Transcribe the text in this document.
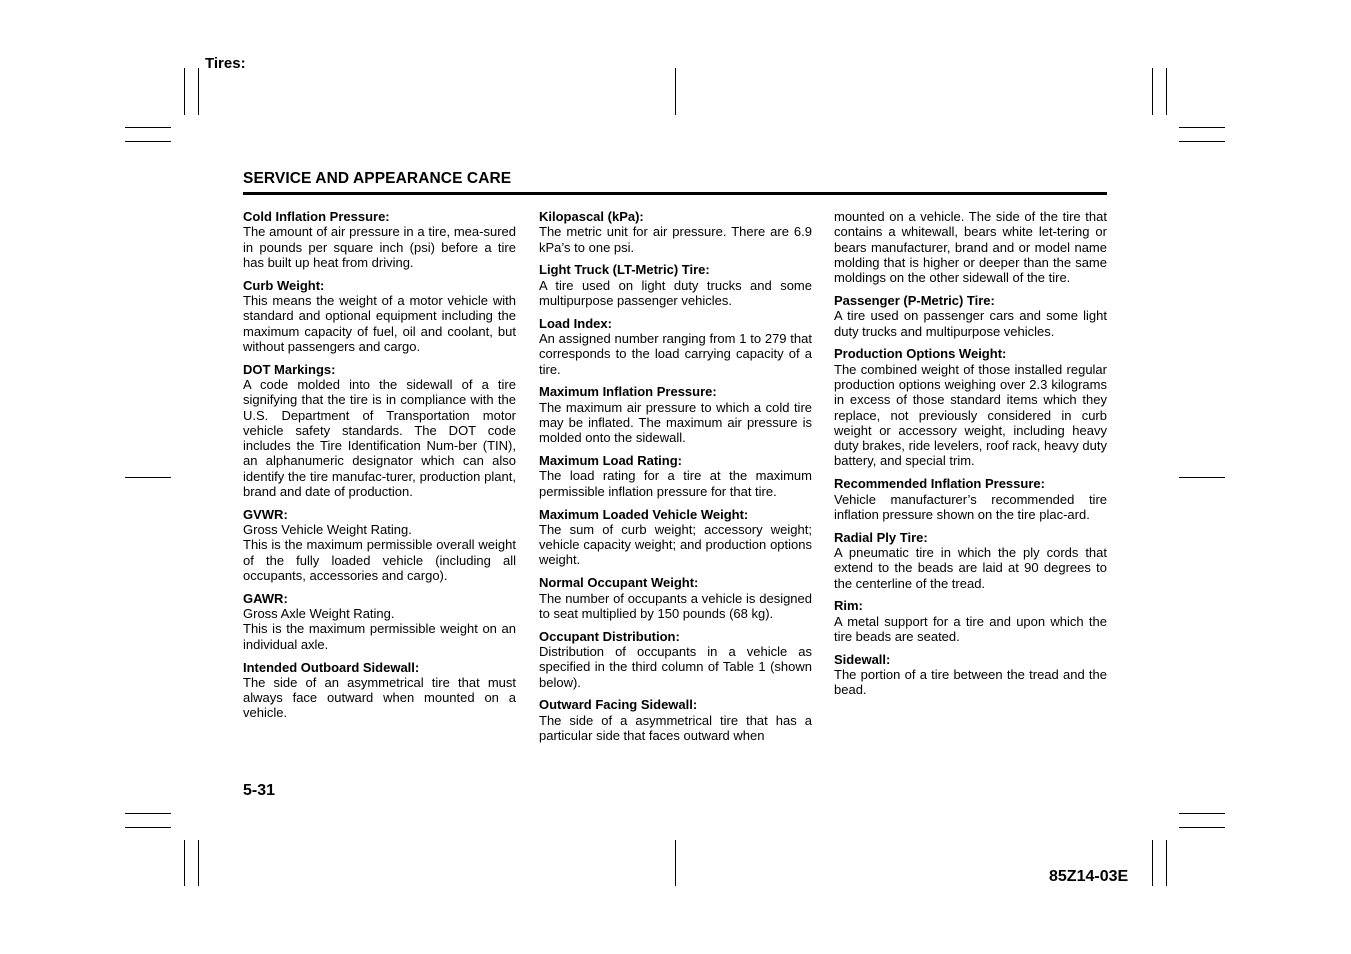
Tires:
SERVICE AND APPEARANCE CARE
Cold Inflation Pressure:
The amount of air pressure in a tire, mea-sured in pounds per square inch (psi) before a tire has built up heat from driving.
Curb Weight:
This means the weight of a motor vehicle with standard and optional equipment including the maximum capacity of fuel, oil and coolant, but without passengers and cargo.
DOT Markings:
A code molded into the sidewall of a tire signifying that the tire is in compliance with the U.S. Department of Transportation motor vehicle safety standards. The DOT code includes the Tire Identification Num-ber (TIN), an alphanumeric designator which can also identify the tire manufac-turer, production plant, brand and date of production.
GVWR:
Gross Vehicle Weight Rating.
This is the maximum permissible overall weight of the fully loaded vehicle (including all occupants, accessories and cargo).
GAWR:
Gross Axle Weight Rating.
This is the maximum permissible weight on an individual axle.
Intended Outboard Sidewall:
The side of an asymmetrical tire that must always face outward when mounted on a vehicle.
Kilopascal (kPa):
The metric unit for air pressure. There are 6.9 kPa’s to one psi.
Light Truck (LT-Metric) Tire:
A tire used on light duty trucks and some multipurpose passenger vehicles.
Load Index:
An assigned number ranging from 1 to 279 that corresponds to the load carrying capacity of a tire.
Maximum Inflation Pressure:
The maximum air pressure to which a cold tire may be inflated. The maximum air pressure is molded onto the sidewall.
Maximum Load Rating:
The load rating for a tire at the maximum permissible inflation pressure for that tire.
Maximum Loaded Vehicle Weight:
The sum of curb weight; accessory weight; vehicle capacity weight; and production options weight.
Normal Occupant Weight:
The number of occupants a vehicle is designed to seat multiplied by 150 pounds (68 kg).
Occupant Distribution:
Distribution of occupants in a vehicle as specified in the third column of Table 1 (shown below).
Outward Facing Sidewall:
The side of a asymmetrical tire that has a particular side that faces outward when
mounted on a vehicle. The side of the tire that contains a whitewall, bears white let-tering or bears manufacturer, brand and or model name molding that is higher or deeper than the same moldings on the other sidewall of the tire.
Passenger (P-Metric) Tire:
A tire used on passenger cars and some light duty trucks and multipurpose vehicles.
Production Options Weight:
The combined weight of those installed regular production options weighing over 2.3 kilograms in excess of those standard items which they replace, not previously considered in curb weight or accessory weight, including heavy duty brakes, ride levelers, roof rack, heavy duty battery, and special trim.
Recommended Inflation Pressure:
Vehicle manufacturer’s recommended tire inflation pressure shown on the tire plac-ard.
Radial Ply Tire:
A pneumatic tire in which the ply cords that extend to the beads are laid at 90 degrees to the centerline of the tread.
Rim:
A metal support for a tire and upon which the tire beads are seated.
Sidewall:
The portion of a tire between the tread and the bead.
5-31
85Z14-03E
